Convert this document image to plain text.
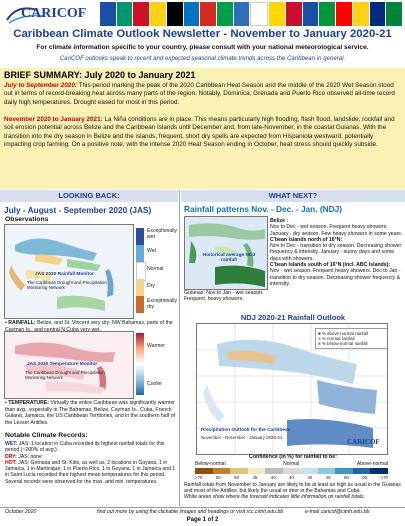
CARICOF
Caribbean Climate Outlook Newsletter - November to January 2020-21
For climate information specific to your country, please consult with your national meteorological service.
CariCOF outlooks speak to recent and expected seasonal climate trends across the Caribbean in general.
BRIEF SUMMARY: July 2020 to January 2021
July to September 2020: This period marking the peak of the 2020 Caribbean Heat Season and the middle of the 2020 Wet Season stood out in terms of record-breaking heat across many parts of the region. Notably, Dominica, Grenada and Puerto Rico observed all-time record daily high temperatures. Drought eased for most in this period.
November 2020 to January 2021: La Niña conditions are in place. This means particularly high flooding, flash flood, landslide, rockfall and soil erosion potential across Belize and the Caribbean Islands until December and, from late-November, in the coastal Guianas. With the transition into the dry season in Belize and the islands, frequent, short dry spells are expected from Hispaniola westward, potentially impacting crop farming. On a positive note, with the intense 2020 Heat Season ending in October, heat stress should quickly subside.
LOOKING BACK:	WHAT NEXT?
July - August - September 2020 (JAS)
Observations
JAS 2020 Rainfall Monitor
The Caribbean Drought and Precipitation Monitoring Network
Exceptionally wet
Wet
Normal
Dry
Exceptionally dry
• RAINFALL: Belize, and St. Vincent very dry; NW Bahamas, parts of the Cayman Is., and central N Cuba very wet.
JAS 2020 Temperature Monitor
The Caribbean Drought and Precipitation Monitoring Network
Warmer
Cooler
• TEMPERATURE: Virtually the entire Caribbean was significantly warmer than avg., especially in The Bahamas, Belize, Cayman Is., Cuba, French Guiana, Jamaica, the US Caribbean Territories, and in the southern half of the Lesser Antilles.
Notable Climate Records:
WET: JAS: 1 location in Cuba recorded its highest rainfall totals for this period (~200% of avg.).
DRY: JAS: none
HOT: JAS: Grenada and St. Kitts, as well as, 2 locations in Guyana, 1 in Jamaica, 1 in Martinique, 1 in Puerto Rico, 1 in Guyana, 1 in Jamaica and 1 in Saint Lucia recorded their highest mean temperatures for this period. Several records were observed for the max. and min. temperatures.
Rainfall patterns Nov. - Dec. - Jan. (NDJ)
Historical average NDJ rainfall
Guianas: Nov to Jan - wet season. Frequent, heavy showers.
Belize :
Nov to Dec - wet season. Frequent heavy showers. January - dry season. Few heavy showers in some years.
C'bean Islands north of 16°N:
Nov to Dec - transition to dry season. Decreasing shower frequency & intensity. January - sunny days and some days with showers.
C'bean Islands south of 16°N (incl. ABC Islands):
Nov - wet season. Frequent heavy showers. Dec to Jan - transition to dry season. Decreasing shower frequency & intensity.
NDJ 2020-21 Rainfall Outlook
■ % above-normal rainfall
■ % normal rainfall
■ % below-normal rainfall
Precipitation Outlook for the Caribbean
November - December - January 2020-21
CARICOF
Confidence (in %) for rainfall to be:
Below-normal	Normal	Above-normal
>70	60	50	45	40	40	40	45	50	60	>70
Rainfall totals from November to January are likely to be at least as high as usual in the Guianas and most of the Antilles, but likely the usual or drier in the Bahamas and Cuba.
White areas show where the forecast indicates little information on rainfall totals.
October 2020	find out more by using the clickable images and headings or visit rcc.cimh.edu.bb	e-mail caricof@cimh.edu.bb
Page 1 of 2
